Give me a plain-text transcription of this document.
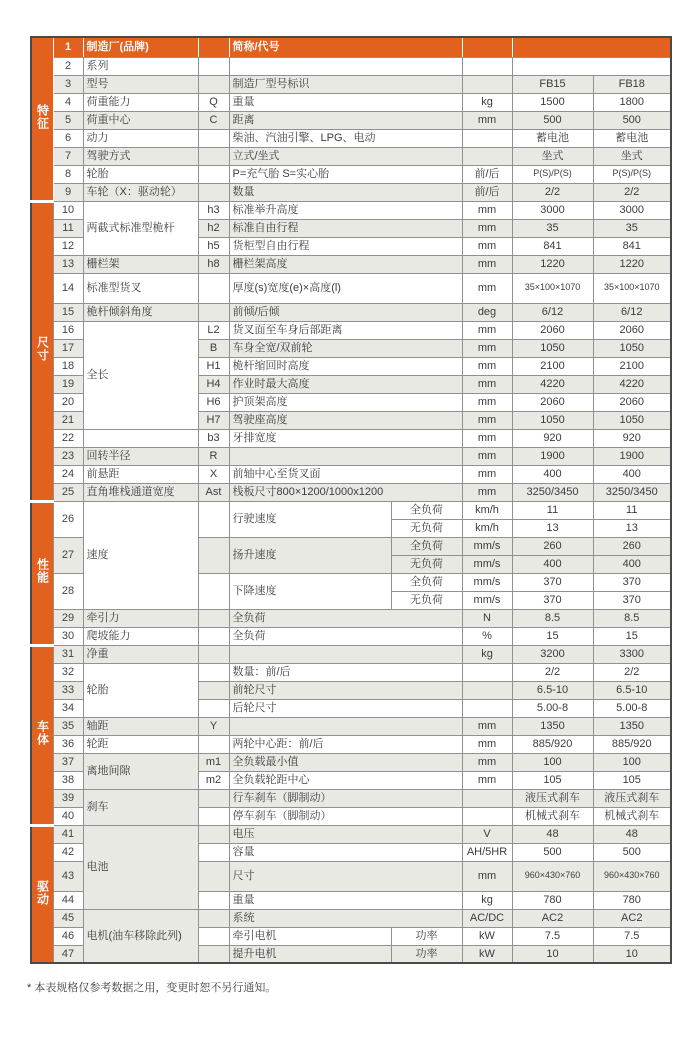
特征	1	制造厂(品牌)		简称/代号				
	2	系列						
	3	型号		制造厂型号标识			FB15	FB18
	4	荷重能力	Q	重量		kg	1500	1800
	5	荷重中心	C	距离		mm	500	500
	6	动力		柴油、汽油引擎、LPG、电动			蓄电池	蓄电池
	7	驾驶方式		立式/坐式			坐式	坐式
	8	轮胎		P=充气胎 S=实心胎		前/后	P(S)/P(S)	P(S)/P(S)
	9	车轮（X：驱动轮）		数量		前/后	2/2	2/2
尺寸	10	两截式标准型桅杆	h3	标准举升高度		mm	3000	3000
	11		h2	标准自由行程		mm	35	35
	12		h5	货柜型自由行程		mm	841	841
	13	栅栏架	h8	栅栏架高度		mm	1220	1220
	14	标准型货叉		厚度(s)宽度(e)×高度(l)		mm	35×100×1070	35×100×1070
	15	桅杆倾斜角度		前倾/后倾		deg	6/12	6/12
	16	全长	L2	货叉面至车身后部距离		mm	2060	2060
	17		B	车身全宽/双前轮		mm	1050	1050
	18		H1	桅杆缩回时高度		mm	2100	2100
	19		H4	作业时最大高度		mm	4220	4220
	20		H6	护顶架高度		mm	2060	2060
	21		H7	驾驶座高度		mm	1050	1050
	22		b3	牙排宽度		mm	920	920
	23	回转半径	R			mm	1900	1900
	24	前悬距	X	前轴中心至货叉面		mm	400	400
	25	直角堆栈通道宽度	Ast	栈板尺寸800×1200/1000x1200		mm	3250/3450	3250/3450
性能	26	速度		行驶速度	全负荷	km/h	11	11
					无负荷	km/h	13	13
	27			扬升速度	全负荷	mm/s	260	260
					无负荷	mm/s	400	400
	28			下降速度	全负荷	mm/s	370	370
					无负荷	mm/s	370	370
	29	牵引力		全负荷		N	8.5	8.5
	30	爬坡能力		全负荷		%	15	15
车体	31	净重				kg	3200	3300
	32	轮胎		数量：前/后			2/2	2/2
	33			前轮尺寸			6.5-10	6.5-10
	34			后轮尺寸			5.00-8	5.00-8
	35	轴距	Y			mm	1350	1350
	36	轮距		两轮中心距：前/后		mm	885/920	885/920
	37	离地间隙	m1	全负载最小值		mm	100	100
	38		m2	全负载轮距中心		mm	105	105
	39	刹车		行车刹车（脚制动）			液压式刹车	液压式刹车
	40			停车刹车（脚制动）			机械式刹车	机械式刹车
驱动	41	电池		电压		V	48	48
	42			容量		AH/5HR	500	500
	43			尺寸		mm	960×430×760	960×430×760
	44			重量		kg	780	780
	45	电机(油车移除此列)		系统		AC/DC	AC2	AC2
	46			牵引电机	功率	kW	7.5	7.5
	47			提升电机	功率	kW	10	10
* 本表规格仅参考数据之用，变更时恕不另行通知。
